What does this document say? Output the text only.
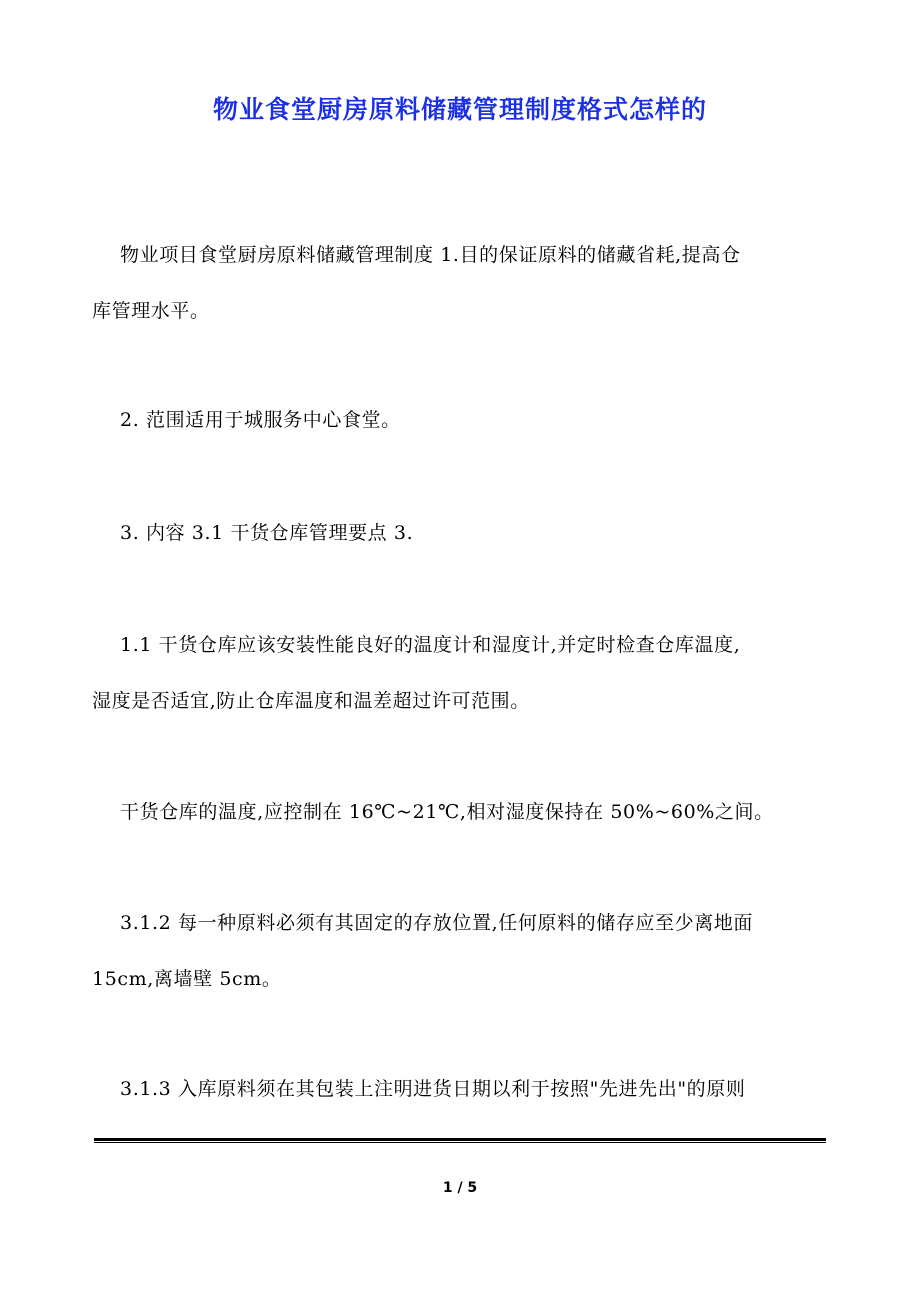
物业食堂厨房原料储藏管理制度格式怎样的

物业项目食堂厨房原料储藏管理制度 1.目的保证原料的储藏省耗,提高仓
库管理水平。

2. 范围适用于城服务中心食堂。

3. 内容 3.1 干货仓库管理要点 3.

1.1 干货仓库应该安装性能良好的温度计和湿度计,并定时检查仓库温度,
湿度是否适宜,防止仓库温度和温差超过许可范围。

干货仓库的温度,应控制在 16℃~21℃,相对湿度保持在 50%~60%之间。

3.1.2 每一种原料必须有其固定的存放位置,任何原料的储存应至少离地面
15cm,离墙壁 5cm。

3.1.3 入库原料须在其包装上注明进货日期以利于按照"先进先出"的原则

1 / 5
